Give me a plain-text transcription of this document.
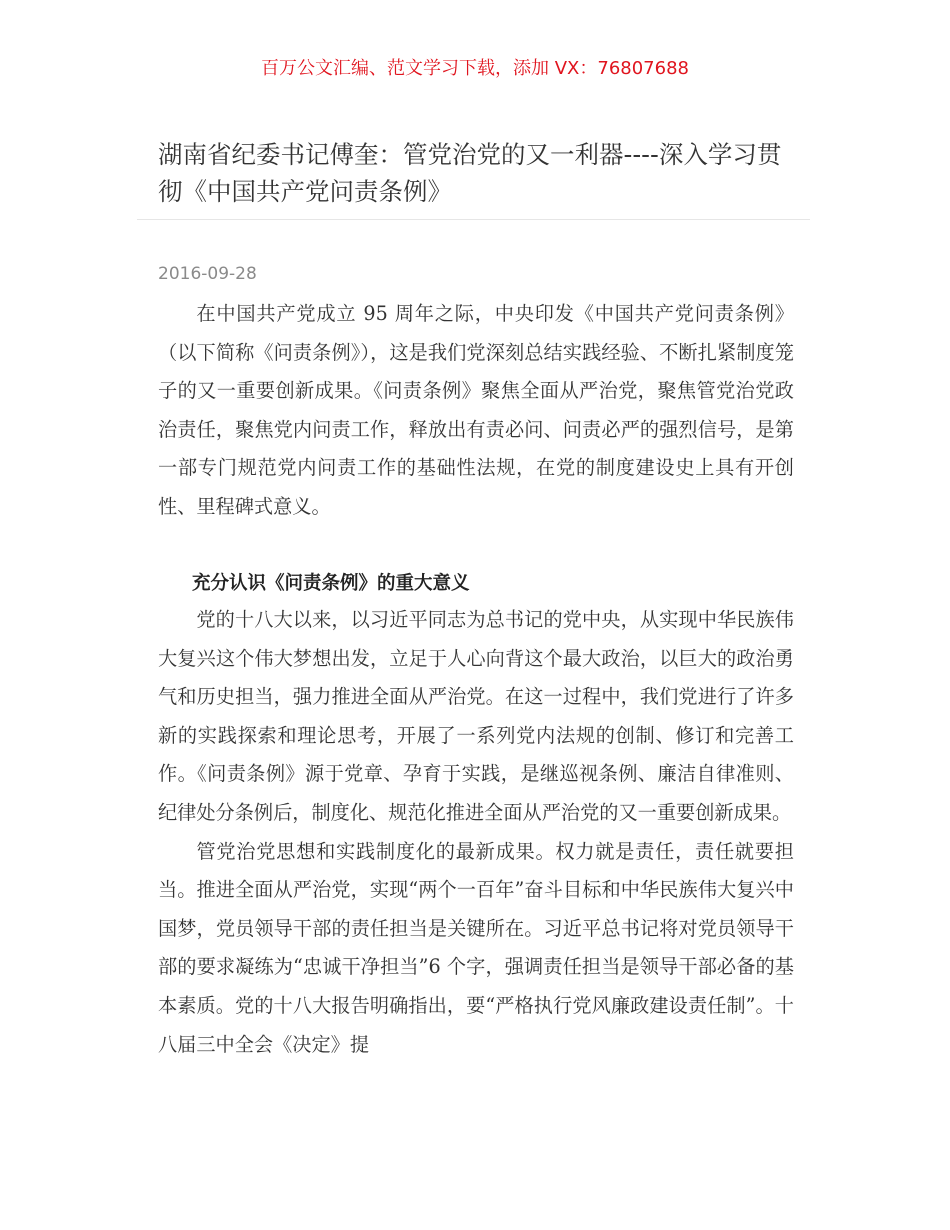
百万公文汇编、范文学习下载，添加 VX：76807688
湖南省纪委书记傅奎：管党治党的又一利器----深入学习贯彻《中国共产党问责条例》
2016-09-28

在中国共产党成立 95 周年之际，中央印发《中国共产党问责条例》（以下简称《问责条例》），这是我们党深刻总结实践经验、不断扎紧制度笼子的又一重要创新成果。《问责条例》聚焦全面从严治党，聚焦管党治党政治责任，聚焦党内问责工作，释放出有责必问、问责必严的强烈信号，是第一部专门规范党内问责工作的基础性法规，在党的制度建设史上具有开创性、里程碑式意义。

充分认识《问责条例》的重大意义

党的十八大以来，以习近平同志为总书记的党中央，从实现中华民族伟大复兴这个伟大梦想出发，立足于人心向背这个最大政治，以巨大的政治勇气和历史担当，强力推进全面从严治党。在这一过程中，我们党进行了许多新的实践探索和理论思考，开展了一系列党内法规的创制、修订和完善工作。《问责条例》源于党章、孕育于实践，是继巡视条例、廉洁自律准则、纪律处分条例后，制度化、规范化推进全面从严治党的又一重要创新成果。

管党治党思想和实践制度化的最新成果。权力就是责任，责任就要担当。推进全面从严治党，实现“两个一百年”奋斗目标和中华民族伟大复兴中国梦，党员领导干部的责任担当是关键所在。习近平总书记将对党员领导干部的要求凝练为“忠诚干净担当”6 个字，强调责任担当是领导干部必备的基本素质。党的十八大报告明确指出，要“严格执行党风廉政建设责任制”。十八届三中全会《决定》提
